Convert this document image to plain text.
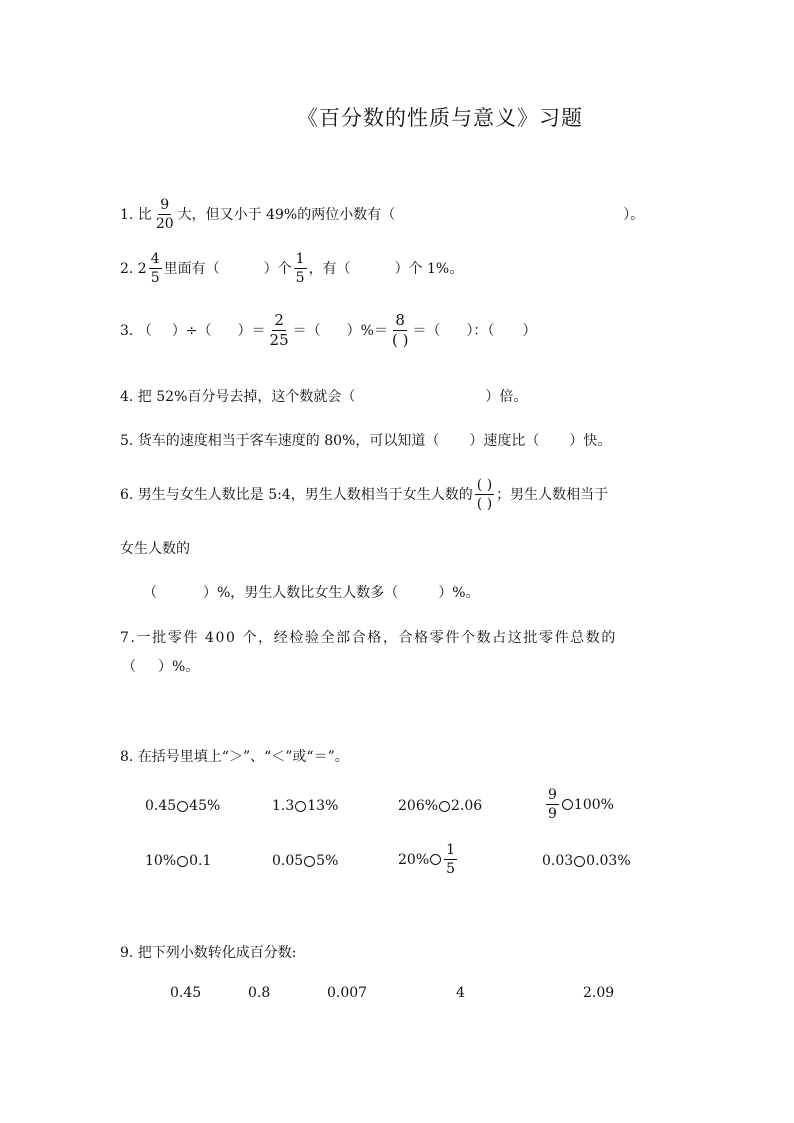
《百分数的性质与意义》习题
1. 比 $\frac{9}{20}$ 大，但又小于 49%的两位小数有（	）。
2. $2 \frac{4}{5}$ 里面有（	）个 $\frac{1}{5}$ ，有（	）个 1%。
3. （ ）÷（ ）＝ $\frac{2}{25}$ ＝（ ）%＝ $\frac{8}{( )}$ ＝（ ）：（ ）
4. 把 52%百分号去掉，这个数就会（	）倍。
5. 货车的速度相当于客车速度的 80%，可以知道（ ）速度比（ ）快。
6. 男生与女生人数比是 5:4，男生人数相当于女生人数的 $\frac{( )}{( )}$ ；男生人数相当于
女生人数的
（	）%，男生人数比女生人数多（	）%。
7.一批零件 400 个，经检验全部合格，合格零件个数占这批零件总数的
（ ）%。
8. 在括号里填上“＞”、“＜”或“＝”。
0.45 45%	1.3 13%	206% 2.06	$\frac{9}{9} 100\%$
10% 0.1	0.05 5%	$20\% \frac{1}{5}$	0.03 0.03%
9. 把下列小数转化成百分数:
0.45	0.8	0.007	4	2.09
